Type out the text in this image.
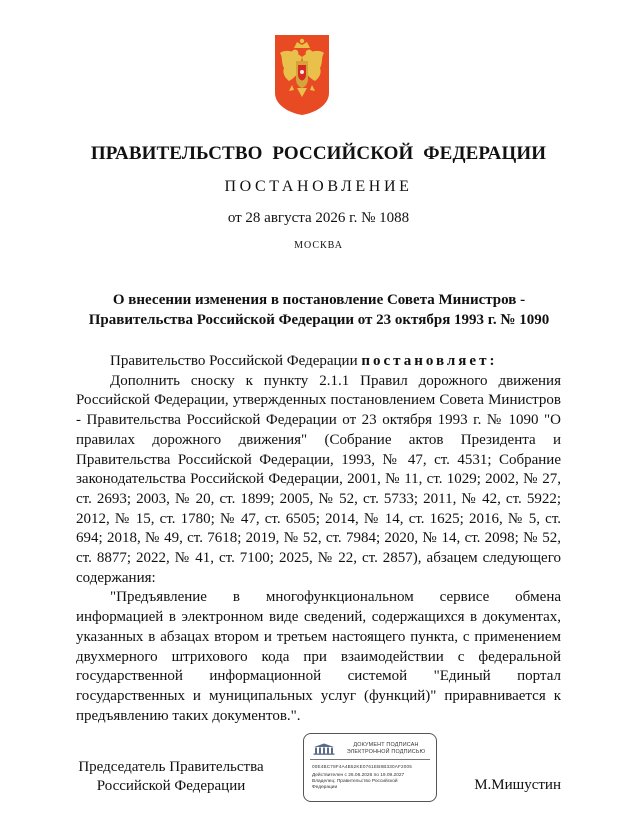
ПРАВИТЕЛЬСТВО РОССИЙСКОЙ ФЕДЕРАЦИИ
ПОСТАНОВЛЕНИЕ
от 28 августа 2026 г. № 1088
МОСКВА
О внесении изменения в постановление Совета Министров -
Правительства Российской Федерации от 23 октября 1993 г. № 1090

Правительство Российской Федерации постановляет:

Дополнить сноску к пункту 2.1.1 Правил дорожного движения Российской Федерации, утвержденных постановлением Совета Министров - Правительства Российской Федерации от 23 октября 1993 г. № 1090 "О правилах дорожного движения" (Собрание актов Президента и Правительства Российской Федерации, 1993, № 47, ст. 4531; Собрание законодательства Российской Федерации, 2001, № 11, ст. 1029; 2002, № 27, ст. 2693; 2003, № 20, ст. 1899; 2005, № 52, ст. 5733; 2011, № 42, ст. 5922; 2012, № 15, ст. 1780; № 47, ст. 6505; 2014, № 14, ст. 1625; 2016, № 5, ст. 694; 2018, № 49, ст. 7618; 2019, № 52, ст. 7984; 2020, № 14, ст. 2098; № 52, ст. 8877; 2022, № 41, ст. 7100; 2025, № 22, ст. 2857), абзацем следующего содержания:

"Предъявление в многофункциональном сервисе обмена информацией в электронном виде сведений, содержащихся в документах, указанных в абзацах втором и третьем настоящего пункта, с применением двухмерного штрихового кода при взаимодействии с федеральной государственной информационной системой "Единый портал государственных и муниципальных услуг (функций)" приравнивается к предъявлению таких документов.".

Председатель Правительства
Российской Федерации
ДОКУМЕНТ ПОДПИСАН
ЭЛЕКТРОННОЙ ПОДПИСЬЮ
00E4BC78F4A4B52KE0761EB8B330AF2005
Действителен с 26.06.2026 по 19.09.2027
Владелец: Правительство Российской
Федерации	М.Мишустин
